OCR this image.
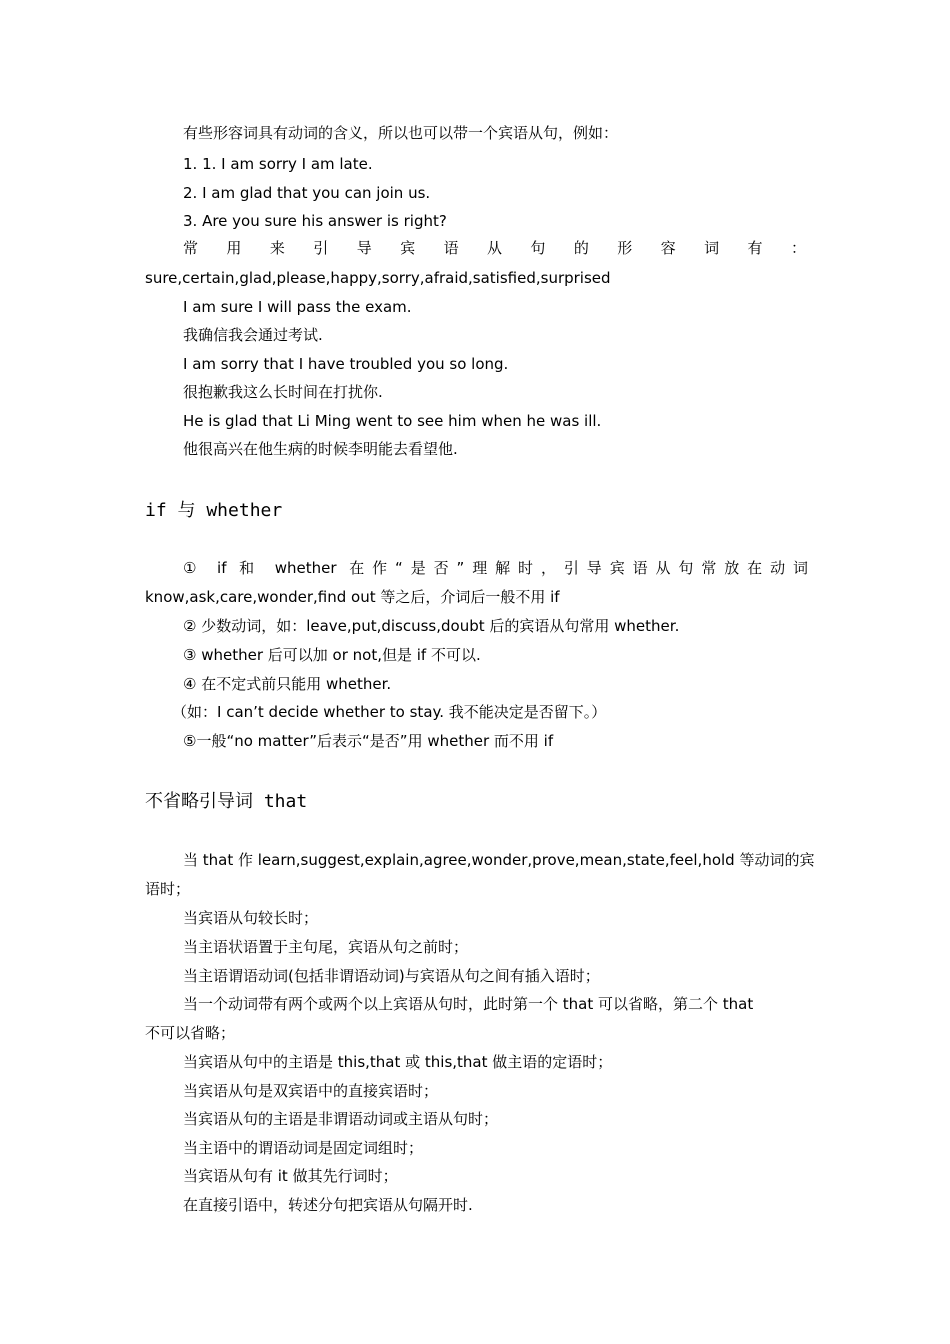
有些形容词具有动词的含义，所以也可以带一个宾语从句，例如：

1. 1. I am sorry I am late.

2. I am glad that you can join us.

3. Are you sure his answer is right?

常用来引导宾语从句的形容词有：

sure,certain,glad,please,happy,sorry,afraid,satisfied,surprised

I am sure I will pass the exam.

我确信我会通过考试.

I am sorry that I have troubled you so long.

很抱歉我这么长时间在打扰你.

He is glad that Li Ming went to see him when he was ill.

他很高兴在他生病的时候李明能去看望他.

if 与 whether

① if 和 whether 在作“是否”理解时，引导宾语从句常放在动词

know,ask,care,wonder,find out 等之后，介词后一般不用 if

② 少数动词，如：leave,put,discuss,doubt 后的宾语从句常用 whether.

③ whether 后可以加 or not,但是 if 不可以.

④ 在不定式前只能用 whether.

（如：I can’t decide whether to stay. 我不能决定是否留下。）

⑤一般“no matter”后表示“是否”用 whether 而不用 if

不省略引导词 that

当 that 作 learn,suggest,explain,agree,wonder,prove,mean,state,feel,hold 等动词的宾

语时；

当宾语从句较长时；

当主语状语置于主句尾，宾语从句之前时；

当主语谓语动词(包括非谓语动词)与宾语从句之间有插入语时；

当一个动词带有两个或两个以上宾语从句时，此时第一个 that 可以省略，第二个 that

不可以省略；

当宾语从句中的主语是 this,that 或 this,that 做主语的定语时；

当宾语从句是双宾语中的直接宾语时；

当宾语从句的主语是非谓语动词或主语从句时；

当主语中的谓语动词是固定词组时；

当宾语从句有 it 做其先行词时；

在直接引语中，转述分句把宾语从句隔开时.
